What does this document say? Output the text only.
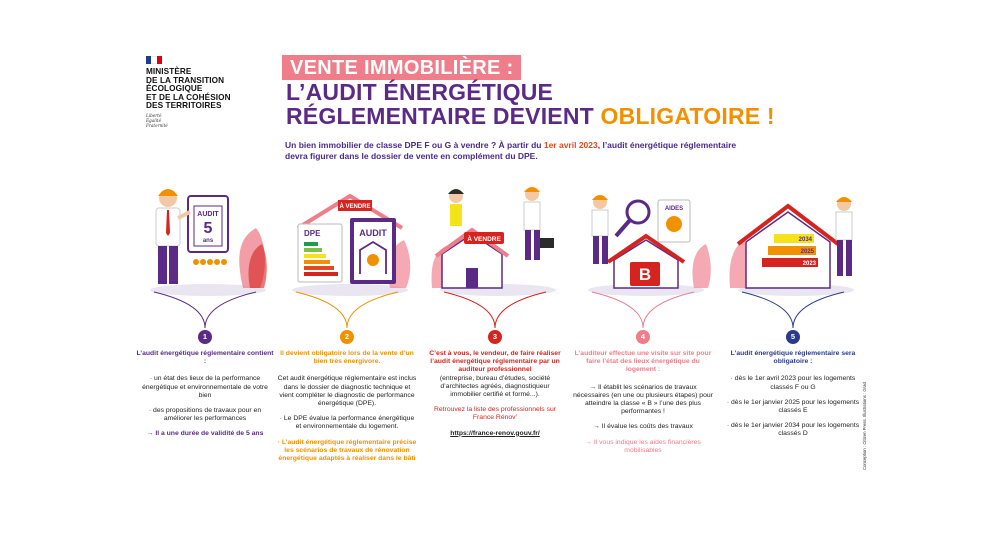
MINISTÈRE
DE LA TRANSITION
ÉCOLOGIQUE
ET DE LA COHÉSION
DES TERRITOIRES
Liberté
Égalité
Fraternité
VENTE IMMOBILIÈRE :
L’AUDIT ÉNERGÉTIQUE
RÉGLEMENTAIRE DEVIENT OBLIGATOIRE !
Un bien immobilier de classe DPE F ou G à vendre ? À partir du 1er avril 2023, l’audit énergétique réglementaire devra figurer dans le dossier de vente en complément du DPE.
AUDIT
5
ans
À VENDRE
DPE	AUDIT
À VENDRE
AIDES
B
2034
2025
2023
1
L’audit énergétique réglementaire contient :

· un état des lieux de la performance énergétique et environnementale de votre bien

· des propositions de travaux pour en améliorer les performances

→ Il a une durée de validité de 5 ans

2
Il devient obligatoire lors de la vente d’un bien très énergivore.

Cet audit énergétique réglementaire est inclus dans le dossier de diagnostic technique et vient compléter le diagnostic de performance énergétique (DPE).

· Le DPE évalue la performance énergétique et environnementale du logement.

· L’audit énergétique réglementaire précise les scénarios de travaux de rénovation énergétique adaptés à réaliser dans le bâti

3
C’est à vous, le vendeur, de faire réaliser l’audit énergétique réglementaire par un auditeur professionnel

(entreprise, bureau d’études, société d’architectes agréés, diagnostiqueur immobilier certifié et formé...).

Retrouvez la liste des professionnels sur France Rénov’

https://france-renov.gouv.fr/

4
L’auditeur effectue une visite sur site pour faire l’état des lieux énergétique du logement :

→ Il établit les scénarios de travaux nécessaires (en une ou plusieurs étapes) pour atteindre la classe « B » l’une des plus performantes !

→ Il évalue les coûts des travaux

→ Il vous indique les aides financières mobilisables

5
L’audit énergétique réglementaire sera obligatoire :

· dès le 1er avril 2023 pour les logements classés F ou G

· dès le 1er janvier 2025 pour les logements classés E

· dès le 1er janvier 2034 pour les logements classés D	Conception : Citizen Press. Illustrations : Grad
